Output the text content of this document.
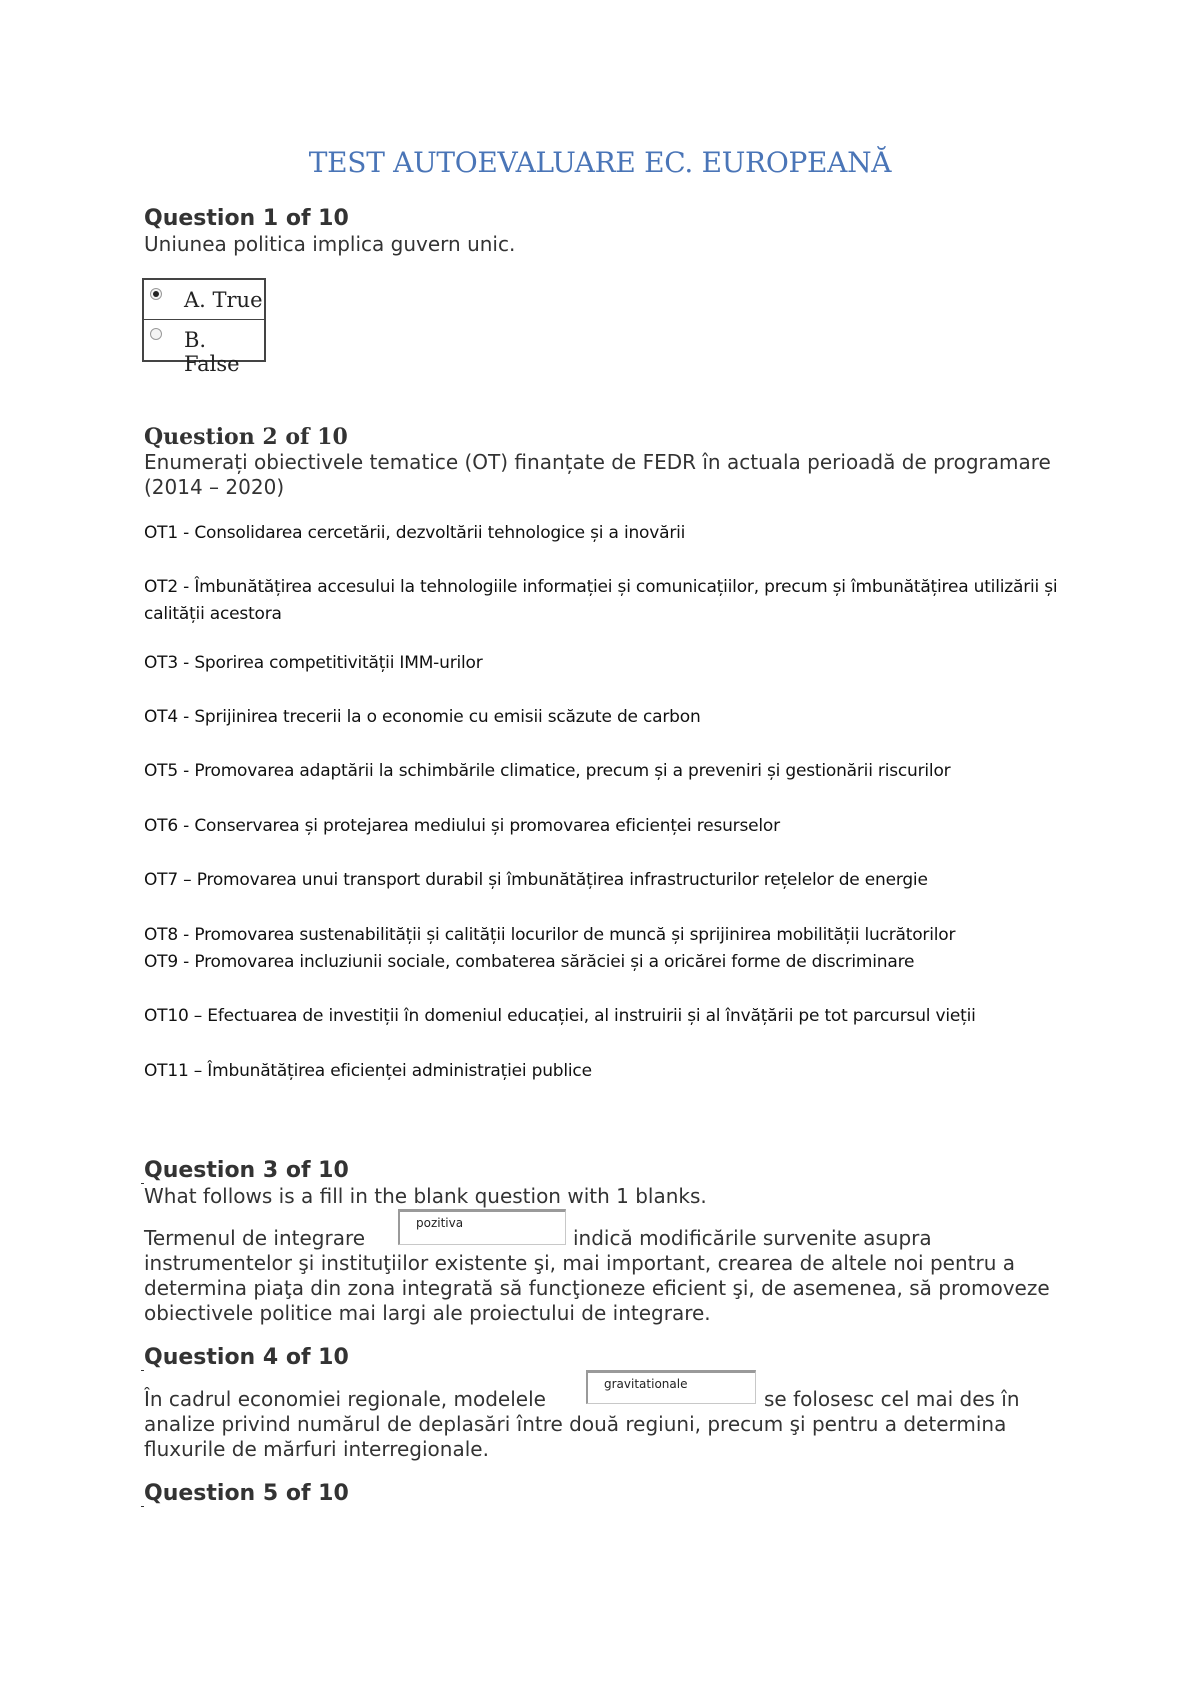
TEST AUTOEVALUARE EC. EUROPEANĂ
Question 1 of 10
Uniunea politica implica guvern unic.
A. True
B. False
Question 2 of 10
Enumerați obiectivele tematice (OT) finanțate de FEDR în actuala perioadă de programare (2014 – 2020)
OT1 - Consolidarea cercetării, dezvoltării tehnologice și a inovării
OT2 - Îmbunătățirea accesului la tehnologiile informației și comunicațiilor, precum și îmbunătățirea utilizării și calității acestora
OT3 - Sporirea competitivității IMM-urilor
OT4 - Sprijinirea trecerii la o economie cu emisii scăzute de carbon
OT5 - Promovarea adaptării la schimbările climatice, precum și a preveniri și gestionării riscurilor
OT6 - Conservarea și protejarea mediului și promovarea eficienței resurselor
OT7 – Promovarea unui transport durabil și îmbunătățirea infrastructurilor rețelelor de energie
OT8 - Promovarea sustenabilității și calității locurilor de muncă și sprijinirea mobilității lucrătorilor
OT9 - Promovarea incluziunii sociale, combaterea sărăciei și a oricărei forme de discriminare
OT10 – Efectuarea de investiții în domeniul educației, al instruirii și al învățării pe tot parcursul vieții
OT11 – Îmbunătățirea eficienței administrației publice
Question 3 of 10
What follows is a fill in the blank question with 1 blanks.
Termenul de integrare
pozitiva
indică modificările survenite asupra
instrumentelor şi instituţiilor existente şi, mai important, crearea de altele noi pentru a determina piaţa din zona integrată să funcţioneze eficient şi, de asemenea, să promoveze obiectivele politice mai largi ale proiectului de integrare.
Question 4 of 10
În cadrul economiei regionale, modelele
gravitationale
se folosesc cel mai des în
analize privind numărul de deplasări între două regiuni, precum şi pentru a determina fluxurile de mărfuri interregionale.
Question 5 of 10
